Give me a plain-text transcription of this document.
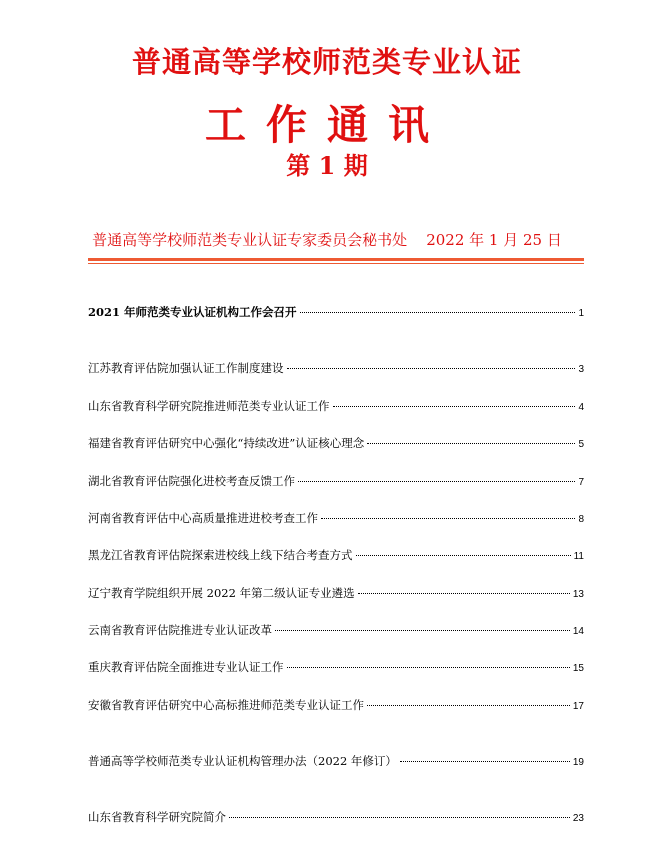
普通高等学校师范类专业认证
工作通讯
第 1 期
普通高等学校师范类专业认证专家委员会秘书处    2022 年 1 月 25 日
2021 年师范类专业认证机构工作会召开	1
江苏教育评估院加强认证工作制度建设	3
山东省教育科学研究院推进师范类专业认证工作	4
福建省教育评估研究中心强化“持续改进”认证核心理念	5
湖北省教育评估院强化进校考查反馈工作	7
河南省教育评估中心高质量推进进校考查工作	8
黑龙江省教育评估院探索进校线上线下结合考查方式	11
辽宁教育学院组织开展 2022 年第二级认证专业遴选	13
云南省教育评估院推进专业认证改革	14
重庆教育评估院全面推进专业认证工作	15
安徽省教育评估研究中心高标推进师范类专业认证工作	17
普通高等学校师范类专业认证机构管理办法（2022 年修订）	19
山东省教育科学研究院简介	23
